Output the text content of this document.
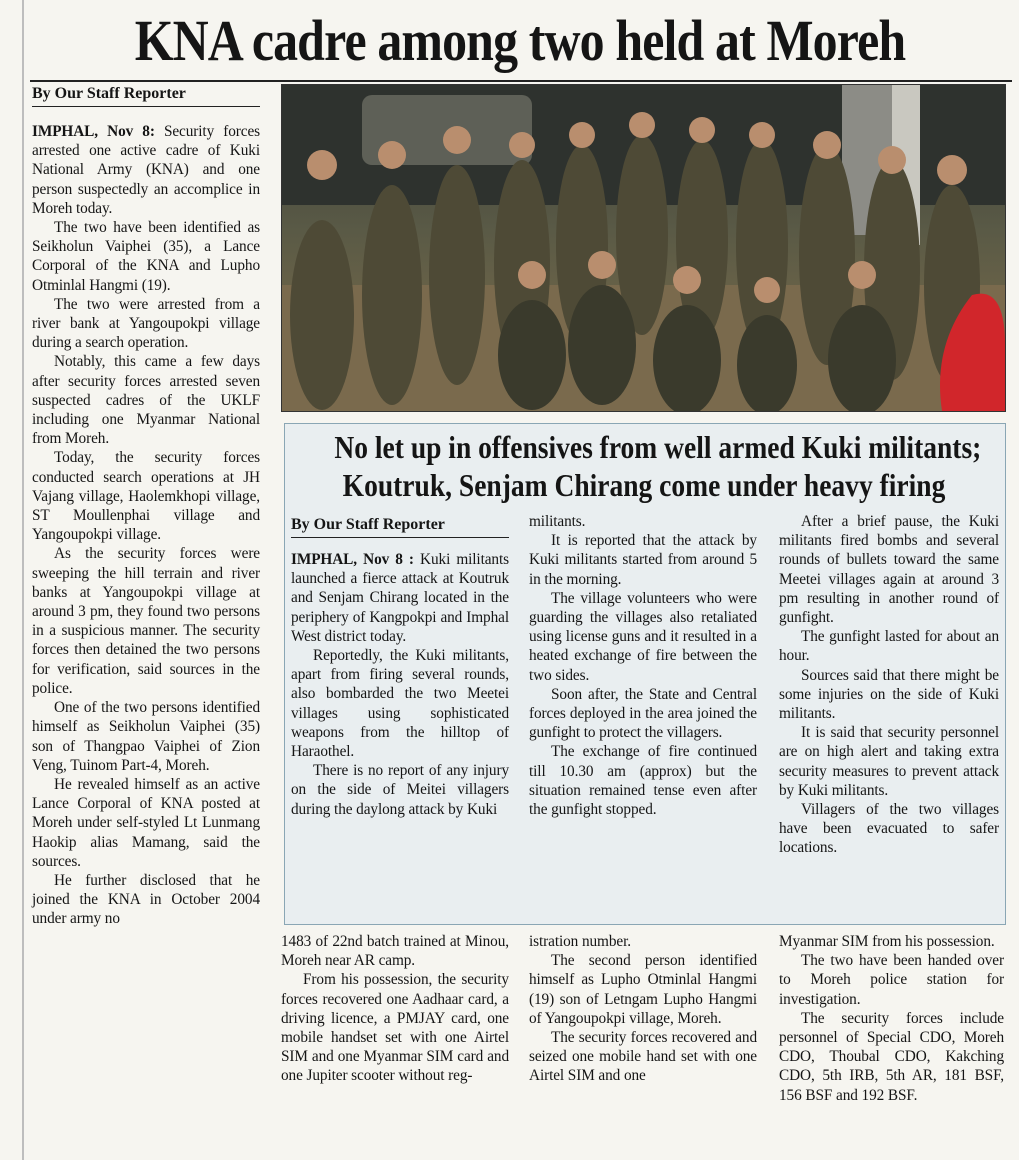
KNA cadre among two held at Moreh
By Our Staff Reporter

IMPHAL, Nov 8: Security forces arrested one active cadre of Kuki National Army (KNA) and one person suspectedly an accomplice in Moreh today.

The two have been identified as Seikholun Vaiphei (35), a Lance Corporal of the KNA and Lupho Otminlal Hangmi (19).

The two were arrested from a river bank at Yangoupokpi village during a search operation.

Notably, this came a few days after security forces arrested seven suspected cadres of the UKLF including one Myanmar National from Moreh.

Today, the security forces conducted search operations at JH Vajang village, Haolemkhopi village, ST Moullenphai village and Yangoupokpi village.

As the security forces were sweeping the hill terrain and river banks at Yangoupokpi village at around 3 pm, they found two persons in a suspicious manner. The security forces then detained the two persons for verification, said sources in the police.

One of the two persons identified himself as Seikholun Vaiphei (35) son of Thangpao Vaiphei of Zion Veng, Tuinom Part-4, Moreh.

He revealed himself as an active Lance Corporal of KNA posted at Moreh under self-styled Lt Lunmang Haokip alias Mamang, said the sources.

He further disclosed that he joined the KNA in October 2004 under army no

No let up in offensives from well armed Kuki militants;
Koutruk, Senjam Chirang come under heavy firing
By Our Staff Reporter

IMPHAL, Nov 8 : Kuki militants launched a fierce attack at Koutruk and Senjam Chirang located in the periphery of Kangpokpi and Imphal West district today.

Reportedly, the Kuki militants, apart from firing several rounds, also bombarded the two Meetei villages using sophisticated weapons from the hilltop of Haraothel.

There is no report of any injury on the side of Meitei villagers during the daylong attack by Kuki

militants.

It is reported that the attack by Kuki militants started from around 5 in the morning.

The village volunteers who were guarding the villages also retaliated using license guns and it resulted in a heated exchange of fire between the two sides.

Soon after, the State and Central forces deployed in the area joined the gunfight to protect the villagers.

The exchange of fire continued till 10.30 am (approx) but the situation remained tense even after the gunfight stopped.

After a brief pause, the Kuki militants fired bombs and several rounds of bullets toward the same Meetei villages again at around 3 pm resulting in another round of gunfight.

The gunfight lasted for about an hour.

Sources said that there might be some injuries on the side of Kuki militants.

It is said that security personnel are on high alert and taking extra security measures to prevent attack by Kuki militants.

Villagers of the two villages have been evacuated to safer locations.

1483 of 22nd batch trained at Minou, Moreh near AR camp.

From his possession, the security forces recovered one Aadhaar card, a driving licence, a PMJAY card, one mobile handset set with one Airtel SIM and one Myanmar SIM card and one Jupiter scooter without reg-

istration number.

The second person identified himself as Lupho Otminlal Hangmi (19) son of Letngam Lupho Hangmi of Yangoupokpi village, Moreh.

The security forces recovered and seized one mobile hand set with one Airtel SIM and one

Myanmar SIM from his possession.

The two have been handed over to Moreh police station for investigation.

The security forces include personnel of Special CDO, Moreh CDO, Thoubal CDO, Kakching CDO, 5th IRB, 5th AR, 181 BSF, 156 BSF and 192 BSF.
